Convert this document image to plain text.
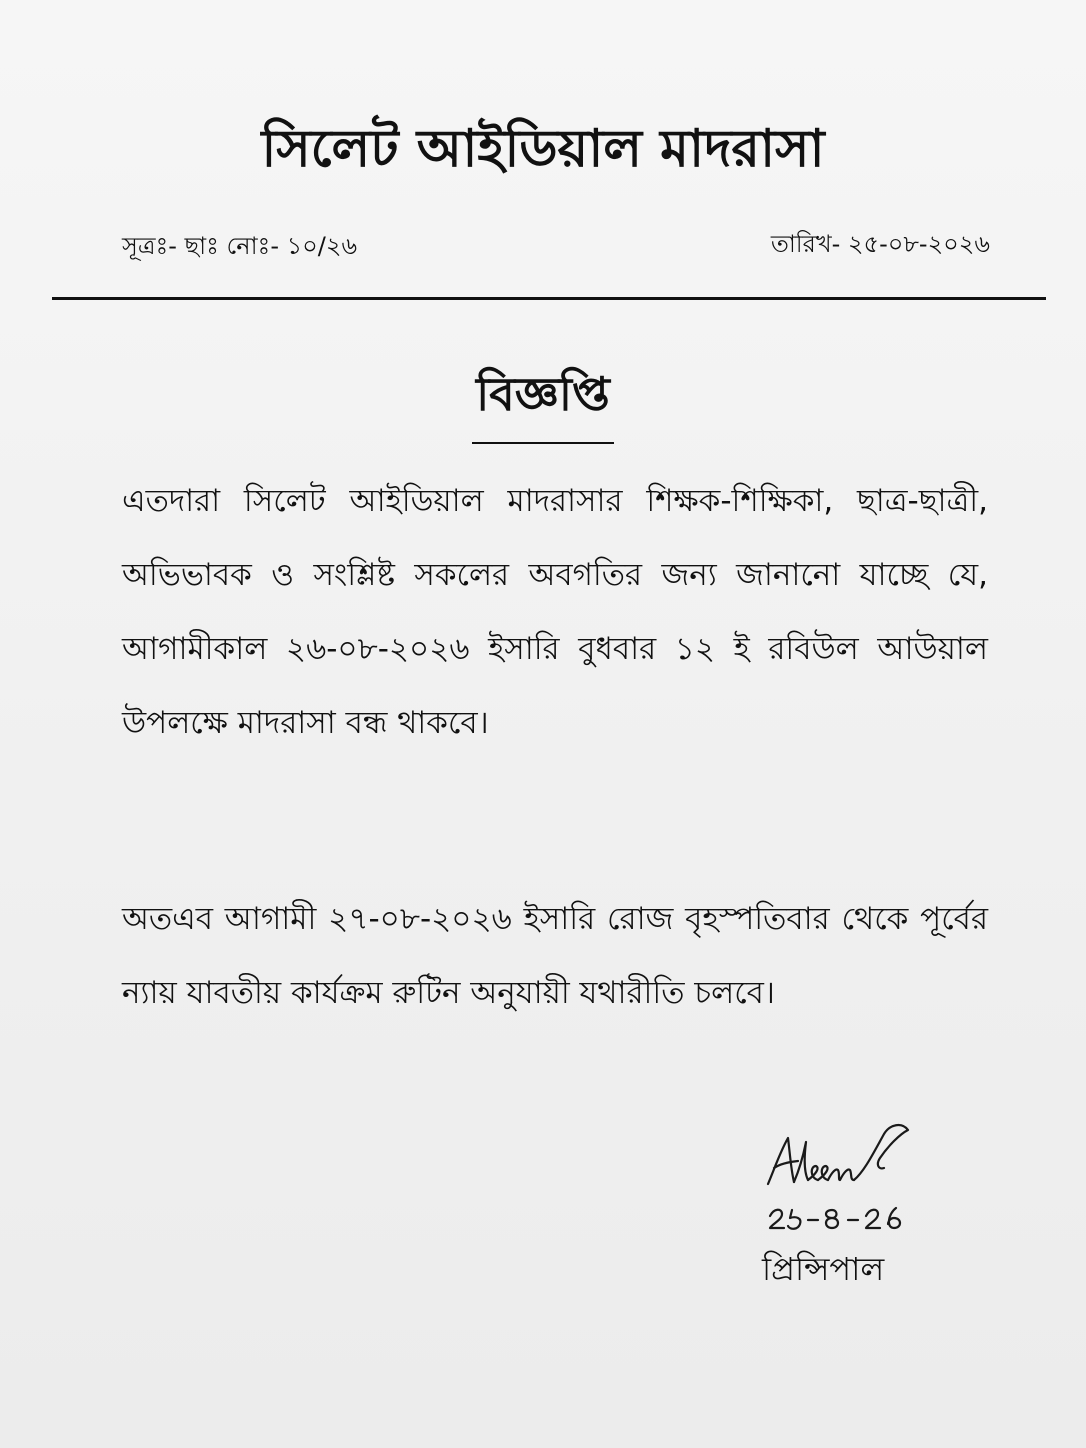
সিলেট আইডিয়াল মাদরাসা
সূত্রঃ- ছাঃ নোঃ- ১০/২৬	তারিখ- ২৫-০৮-২০২৬
বিজ্ঞপ্তি

এতদারা সিলেট আইডিয়াল মাদরাসার শিক্ষক-শিক্ষিকা, ছাত্র-ছাত্রী, অভিভাবক ও সংশ্লিষ্ট সকলের অবগতির জন্য জানানো যাচ্ছে যে, আগামীকাল ২৬-০৮-২০২৬ ইসারি বুধবার ১২ ই রবিউল আউয়াল উপলক্ষে মাদরাসা বন্ধ থাকবে।

অতএব আগামী ২৭-০৮-২০২৬ ইসারি রোজ বৃহস্পতিবার থেকে পূর্বের ন্যায় যাবতীয় কার্যক্রম রুটিন অনুযায়ী যথারীতি চলবে।

প্রিন্সিপাল
